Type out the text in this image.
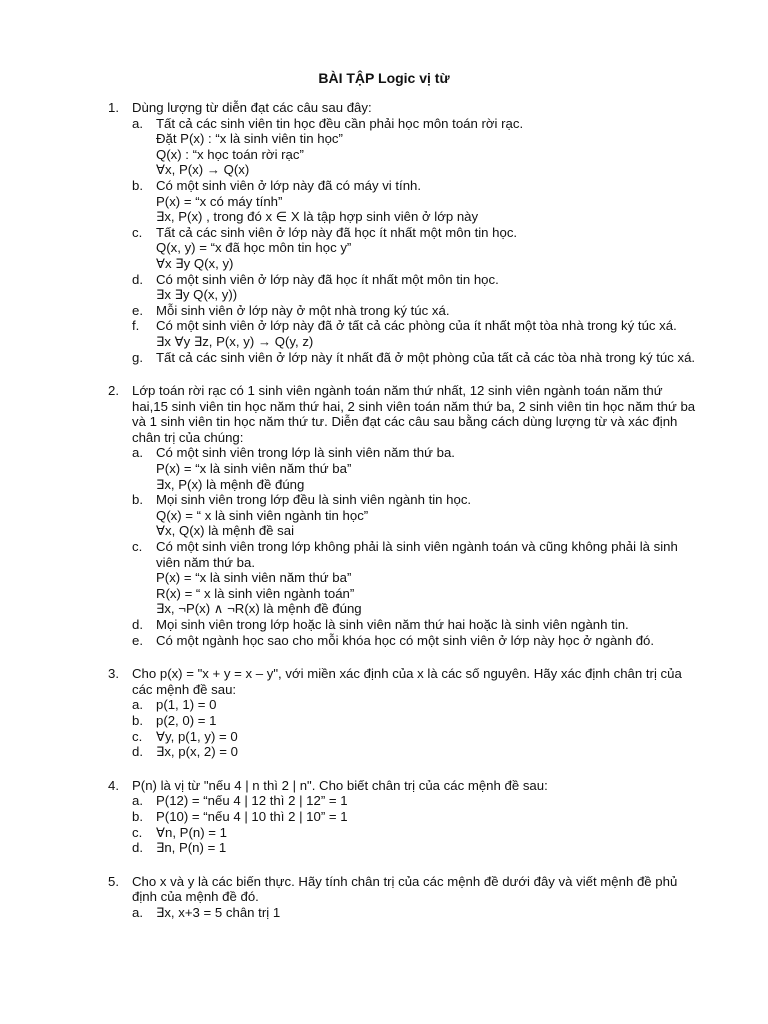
BÀI TẬP Logic vị từ
1. Dùng lượng từ diễn đạt các câu sau đây:
a. Tất cả các sinh viên tin học đều cần phải học môn toán rời rạc.
Đặt P(x) : “x là sinh viên tin học”
Q(x) : “x học toán rời rạc”
∀x, P(x) → Q(x)
b. Có một sinh viên ở lớp này đã có máy vi tính.
P(x) = “x có máy tính”
∃x, P(x) , trong đó x ∈ X là tập hợp sinh viên ở lớp này
c. Tất cả các sinh viên ở lớp này đã học ít nhất một môn tin học.
Q(x, y) = “x đã học môn tin học y”
∀x ∃y Q(x, y)
d. Có một sinh viên ở lớp này đã học ít nhất một môn tin học.
∃x ∃y Q(x, y))
e. Mỗi sinh viên ở lớp này ở một nhà trong ký túc xá.
f. Có một sinh viên ở lớp này đã ở tất cả các phòng của ít nhất một tòa nhà trong ký túc xá.
∃x ∀y ∃z, P(x, y) → Q(y, z)
g. Tất cả các sinh viên ở lớp này ít nhất đã ở một phòng của tất cả các tòa nhà trong ký túc xá.
2. Lớp toán rời rạc có 1 sinh viên ngành toán năm thứ nhất, 12 sinh viên ngành toán năm thứ hai,15 sinh viên tin học năm thứ hai, 2 sinh viên toán năm thứ ba, 2 sinh viên tin học năm thứ ba và 1 sinh viên tin học năm thứ tư. Diễn đạt các câu sau bằng cách dùng lượng từ và xác định chân trị của chúng:
a. Có một sinh viên trong lớp là sinh viên năm thứ ba.
P(x) = “x là sinh viên năm thứ ba”
∃x, P(x) là mệnh đề đúng
b. Mọi sinh viên trong lớp đều là sinh viên ngành tin học.
Q(x) = “ x là sinh viên ngành tin học”
∀x, Q(x) là mệnh đề sai
c. Có một sinh viên trong lớp không phải là sinh viên ngành toán và cũng không phải là sinh viên năm thứ ba.
P(x) = “x là sinh viên năm thứ ba”
R(x) = “ x là sinh viên ngành toán”
∃x, ¬P(x) ∧ ¬R(x) là mệnh đề đúng
d. Mọi sinh viên trong lớp hoặc là sinh viên năm thứ hai hoặc là sinh viên ngành tin.
e. Có một ngành học sao cho mỗi khóa học có một sinh viên ở lớp này học ở ngành đó.
3. Cho p(x) = "x + y = x – y", với miền xác định của x là các số nguyên. Hãy xác định chân trị của các mệnh đề sau:
a. p(1, 1) = 0
b. p(2, 0) = 1
c. ∀y, p(1, y) = 0
d. ∃x, p(x, 2) = 0
4. P(n) là vị từ "nếu 4 | n thì 2 | n". Cho biết chân trị của các mệnh đề sau:
a. P(12) = “nếu 4 | 12 thì 2 | 12” = 1
b. P(10) = “nếu 4 | 10 thì 2 | 10” = 1
c. ∀n, P(n) = 1
d. ∃n, P(n) = 1
5. Cho x và y là các biến thực. Hãy tính chân trị của các mệnh đề dưới đây và viết mệnh đề phủ định của mệnh đề đó.
a. ∃x, x+3 = 5 chân trị 1
